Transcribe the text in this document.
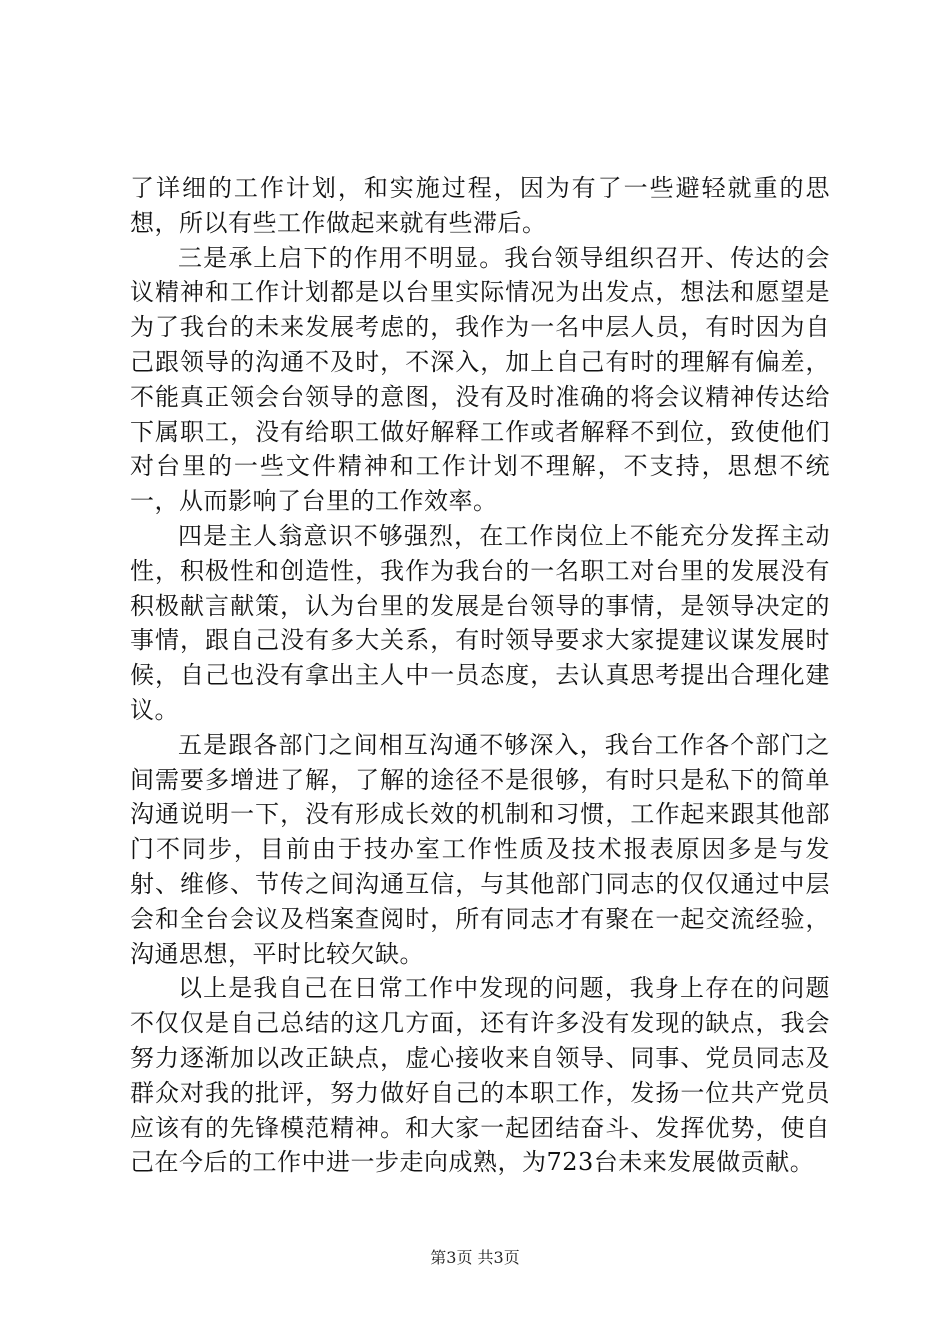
了详细的工作计划，和实施过程，因为有了一些避轻就重的思想，所以有些工作做起来就有些滞后。

三是承上启下的作用不明显。我台领导组织召开、传达的会议精神和工作计划都是以台里实际情况为出发点，想法和愿望是为了我台的未来发展考虑的，我作为一名中层人员，有时因为自己跟领导的沟通不及时，不深入，加上自己有时的理解有偏差，不能真正领会台领导的意图，没有及时准确的将会议精神传达给下属职工，没有给职工做好解释工作或者解释不到位，致使他们对台里的一些文件精神和工作计划不理解，不支持，思想不统一，从而影响了台里的工作效率。

四是主人翁意识不够强烈，在工作岗位上不能充分发挥主动性，积极性和创造性，我作为我台的一名职工对台里的发展没有积极献言献策，认为台里的发展是台领导的事情，是领导决定的事情，跟自己没有多大关系，有时领导要求大家提建议谋发展时候，自己也没有拿出主人中一员态度，去认真思考提出合理化建议。

五是跟各部门之间相互沟通不够深入，我台工作各个部门之间需要多增进了解，了解的途径不是很够，有时只是私下的简单沟通说明一下，没有形成长效的机制和习惯，工作起来跟其他部门不同步，目前由于技办室工作性质及技术报表原因多是与发射、维修、节传之间沟通互信，与其他部门同志的仅仅通过中层会和全台会议及档案查阅时，所有同志才有聚在一起交流经验，沟通思想，平时比较欠缺。

以上是我自己在日常工作中发现的问题，我身上存在的问题不仅仅是自己总结的这几方面，还有许多没有发现的缺点，我会努力逐渐加以改正缺点，虚心接收来自领导、同事、党员同志及群众对我的批评，努力做好自己的本职工作，发扬一位共产党员应该有的先锋模范精神。和大家一起团结奋斗、发挥优势，使自己在今后的工作中进一步走向成熟，为723台未来发展做贡献。

第3页 共3页
